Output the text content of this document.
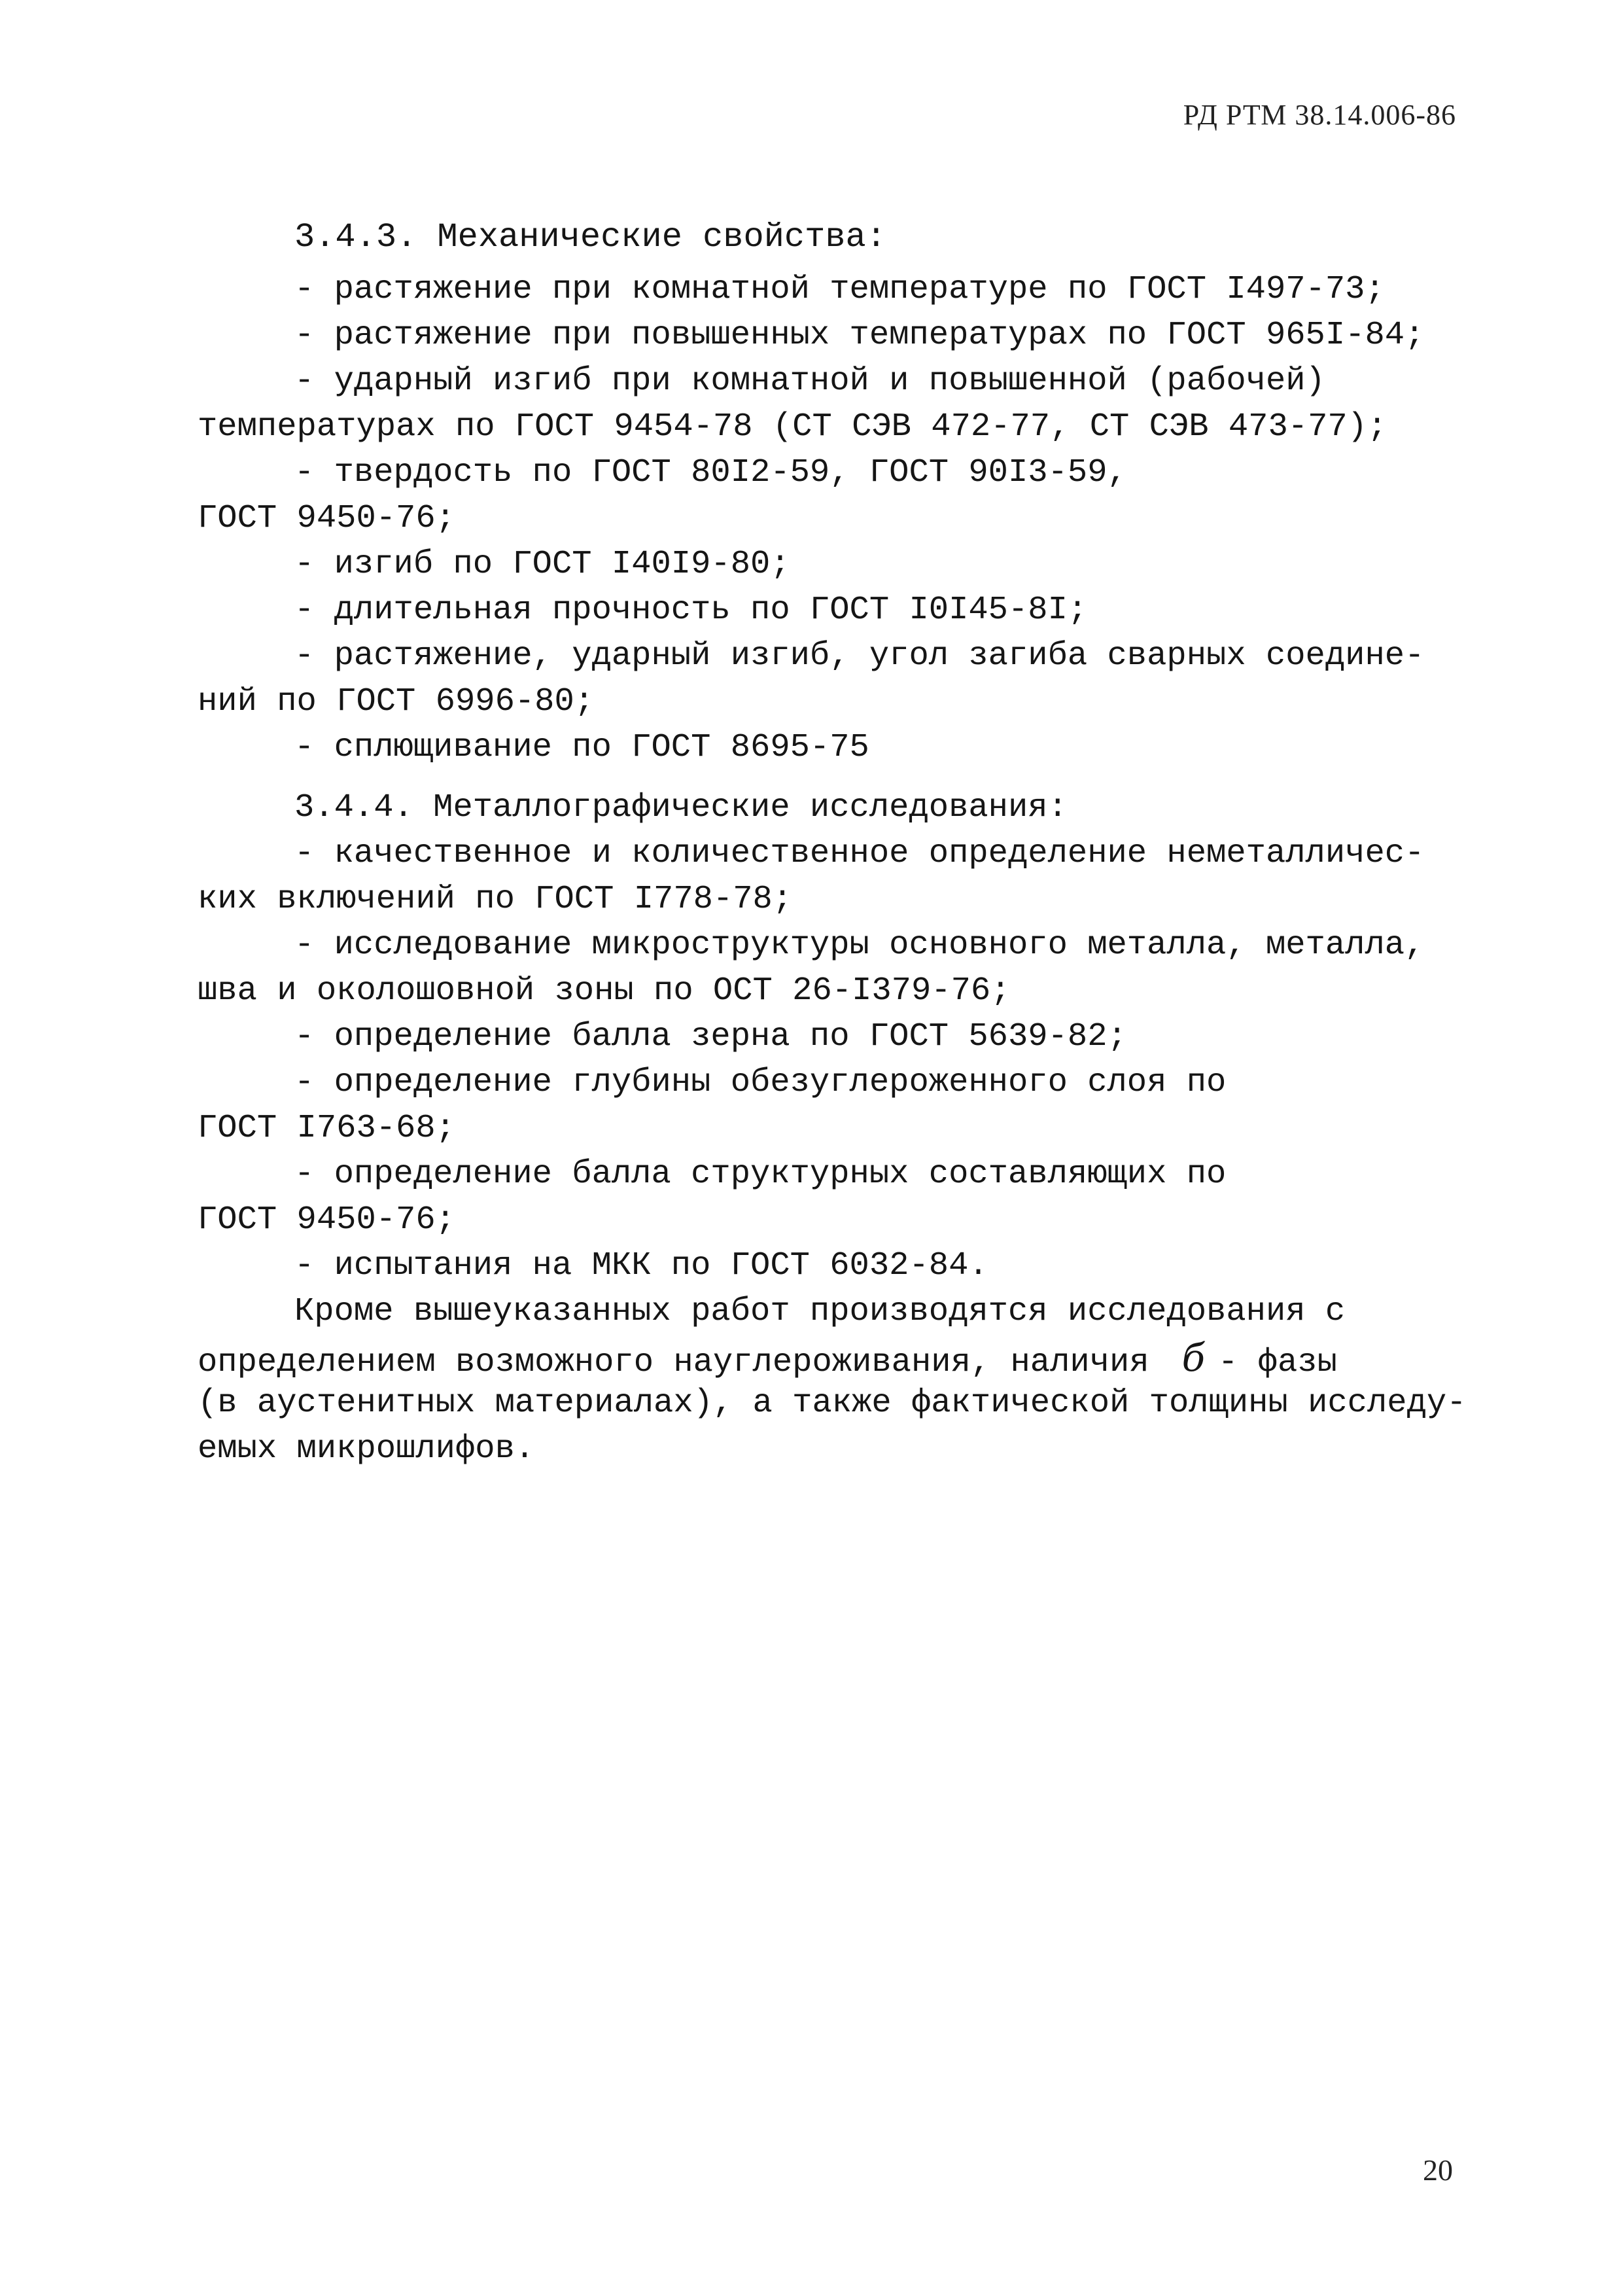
РД РТМ 38.14.006-86
3.4.3. Механические свойства:
- растяжение при комнатной температуре по ГОСТ I497-73;
- растяжение при повышенных температурах по ГОСТ 965I-84;
- ударный изгиб при комнатной и повышенной (рабочей)
температурах по ГОСТ 9454-78 (СТ СЭВ 472-77, СТ СЭВ 473-77);
- твердость по ГОСТ 80I2-59, ГОСТ 90I3-59,
ГОСТ 9450-76;
- изгиб по ГОСТ I40I9-80;
- длительная прочность по ГОСТ I0I45-8I;
- растяжение, ударный изгиб, угол загиба сварных соедине-
ний по ГОСТ 6996-80;
- сплющивание по ГОСТ 8695-75
3.4.4. Металлографические исследования:
- качественное и количественное определение неметалличес-
ких включений по ГОСТ I778-78;
- исследование микроструктуры основного металла, металла,
шва и околошовной зоны по ОСТ 26-I379-76;
- определение балла зерна по ГОСТ 5639-82;
- определение глубины обезуглероженного слоя по
ГОСТ I763-68;
- определение балла структурных составляющих по
ГОСТ 9450-76;
- испытания на МКК по ГОСТ 6032-84.
Кроме вышеуказанных работ производятся исследования с
определением возможного науглероживания, наличия б - фазы
(в аустенитных материалах), а также фактической толщины исследу-
емых микрошлифов.
20
